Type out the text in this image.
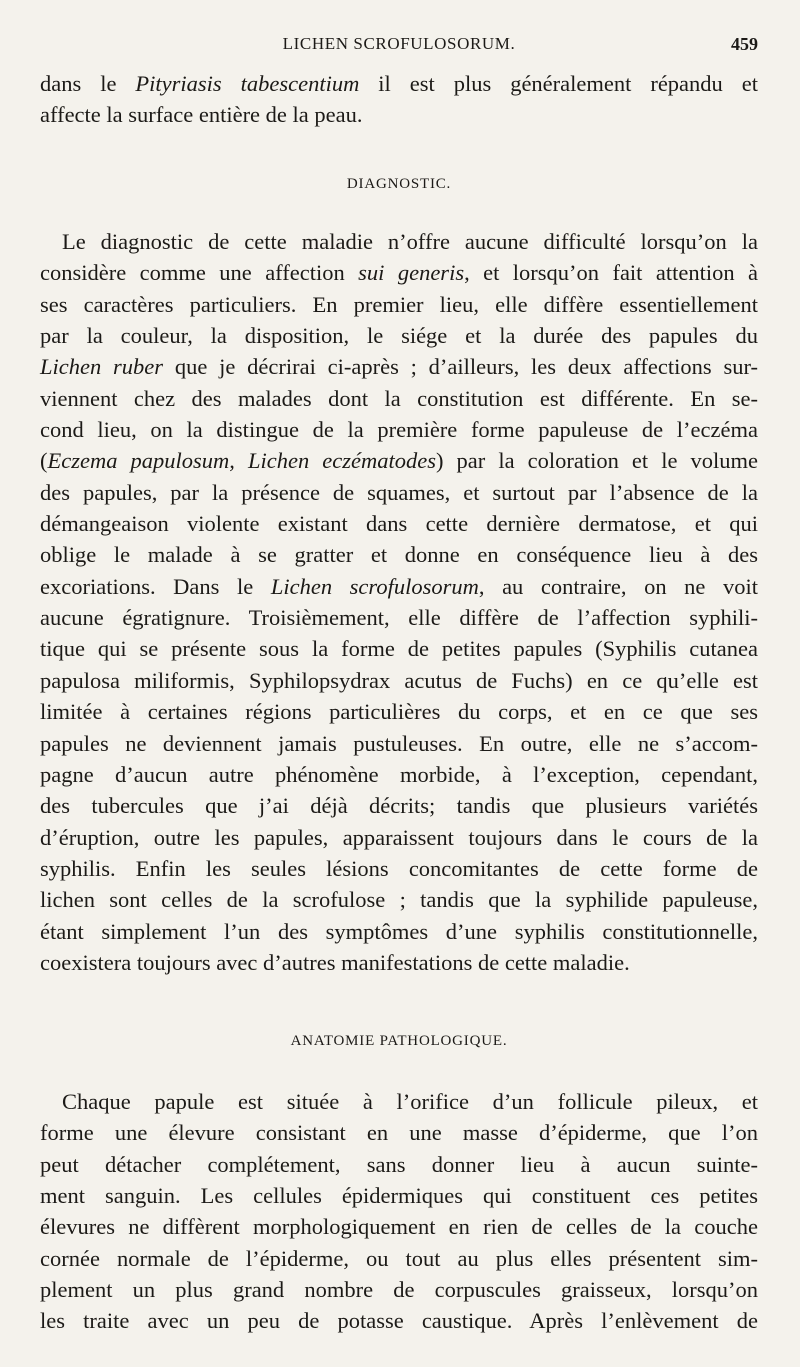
LICHEN SCROFULOSORUM.	459
dans le Pityriasis tabescentium il est plus généralement répandu et
affecte la surface entière de la peau.
DIAGNOSTIC.
Le diagnostic de cette maladie n’offre aucune difficulté lorsqu’on la
considère comme une affection sui generis, et lorsqu’on fait attention à
ses caractères particuliers. En premier lieu, elle diffère essentiellement
par la couleur, la disposition, le siége et la durée des papules du
Lichen ruber que je décrirai ci-après ; d’ailleurs, les deux affections sur-
viennent chez des malades dont la constitution est différente. En se-
cond lieu, on la distingue de la première forme papuleuse de l’eczéma
(Eczema papulosum, Lichen eczématodes) par la coloration et le volume
des papules, par la présence de squames, et surtout par l’absence de la
démangeaison violente existant dans cette dernière dermatose, et qui
oblige le malade à se gratter et donne en conséquence lieu à des
excoriations. Dans le Lichen scrofulosorum, au contraire, on ne voit
aucune égratignure. Troisièmement, elle diffère de l’affection syphili-
tique qui se présente sous la forme de petites papules (Syphilis cutanea
papulosa miliformis, Syphilopsydrax acutus de Fuchs) en ce qu’elle est
limitée à certaines régions particulières du corps, et en ce que ses
papules ne deviennent jamais pustuleuses. En outre, elle ne s’accom-
pagne d’aucun autre phénomène morbide, à l’exception, cependant,
des tubercules que j’ai déjà décrits; tandis que plusieurs variétés
d’éruption, outre les papules, apparaissent toujours dans le cours de la
syphilis. Enfin les seules lésions concomitantes de cette forme de
lichen sont celles de la scrofulose ; tandis que la syphilide papuleuse,
étant simplement l’un des symptômes d’une syphilis constitutionnelle,
coexistera toujours avec d’autres manifestations de cette maladie.
ANATOMIE PATHOLOGIQUE.
Chaque papule est située à l’orifice d’un follicule pileux, et
forme une élevure consistant en une masse d’épiderme, que l’on
peut détacher complétement, sans donner lieu à aucun suinte-
ment sanguin. Les cellules épidermiques qui constituent ces petites
élevures ne diffèrent morphologiquement en rien de celles de la couche
cornée normale de l’épiderme, ou tout au plus elles présentent sim-
plement un plus grand nombre de corpuscules graisseux, lorsqu’on
les traite avec un peu de potasse caustique. Après l’enlèvement de
